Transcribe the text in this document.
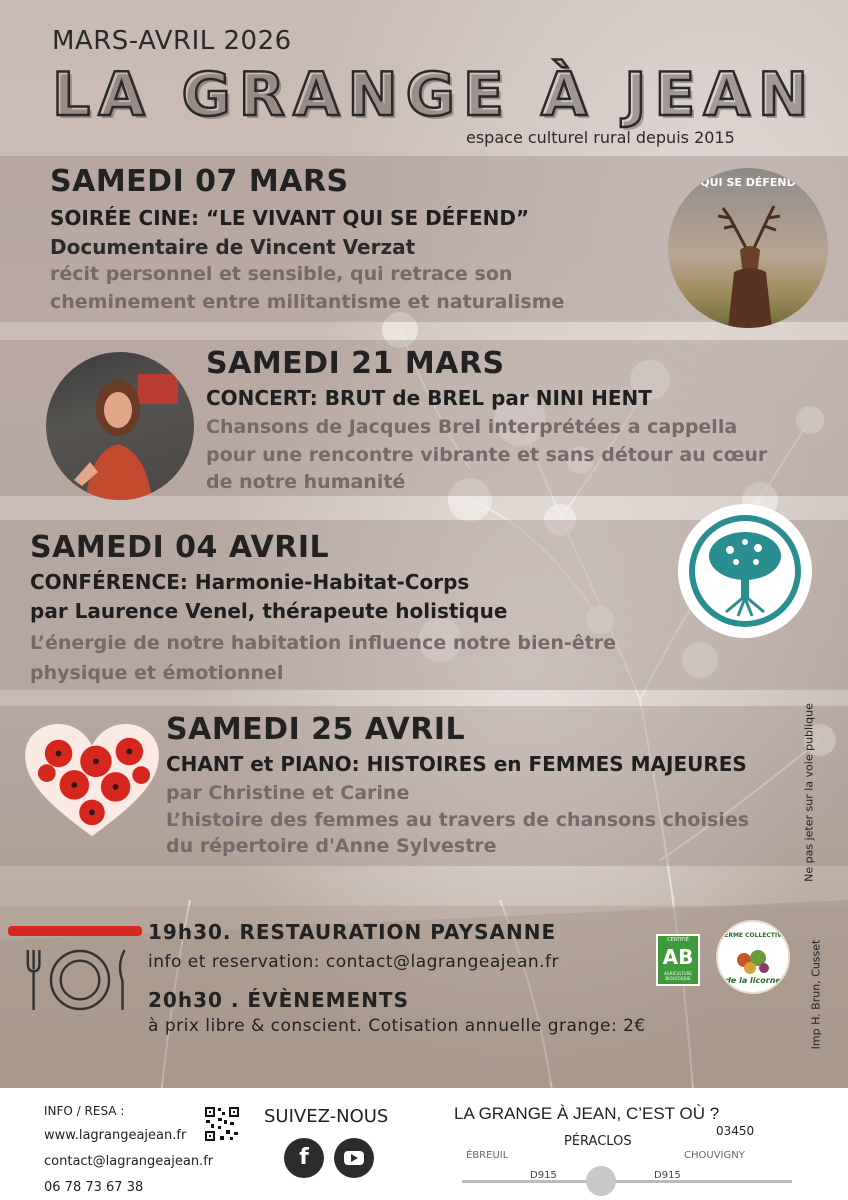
MARS-AVRIL 2026
LA GRANGE À JEAN
espace culturel rural depuis 2015
SAMEDI 07 MARS
SOIRÉE CINE: “LE VIVANT QUI SE DÉFEND”
Documentaire de Vincent Verzat
récit personnel et sensible, qui retrace son
cheminement entre militantisme et naturalisme
QUI SE DÉFEND
SAMEDI 21 MARS
CONCERT: BRUT de BREL par NINI HENT
Chansons de Jacques Brel interprétées a cappella
pour une rencontre vibrante et sans détour au cœur
de notre humanité
SAMEDI 04 AVRIL
CONFÉRENCE: Harmonie-Habitat-Corps
par Laurence Venel, thérapeute holistique
L’énergie de notre habitation influence notre bien-être
physique et émotionnel
SAMEDI 25 AVRIL
CHANT et PIANO: HISTOIRES en FEMMES MAJEURES
par Christine et Carine
L’histoire des femmes au travers de chansons choisies
du répertoire d'Anne Sylvestre
19h30. RESTAURATION PAYSANNE
info et reservation: contact@lagrangeajean.fr
20h30 . ÉVÈNEMENTS
à prix libre & conscient. Cotisation annuelle grange: 2€
CERTIFIÉ
AB
AGRICULTURE BIOLOGIQUE
FERME COLLECTIVE
de la licorne
Ne pas jeter sur la voie publique
Imp H. Brun, Cusset
INFO / RESA :
www.lagrangeajean.fr
contact@lagrangeajean.fr
06 78 73 67 38
SUIVEZ-NOUS
f
LA GRANGE À JEAN, C’EST OÙ ?
03450
PÉRACLOS
ÉBREUIL	CHOUVIGNY
D915	D915
